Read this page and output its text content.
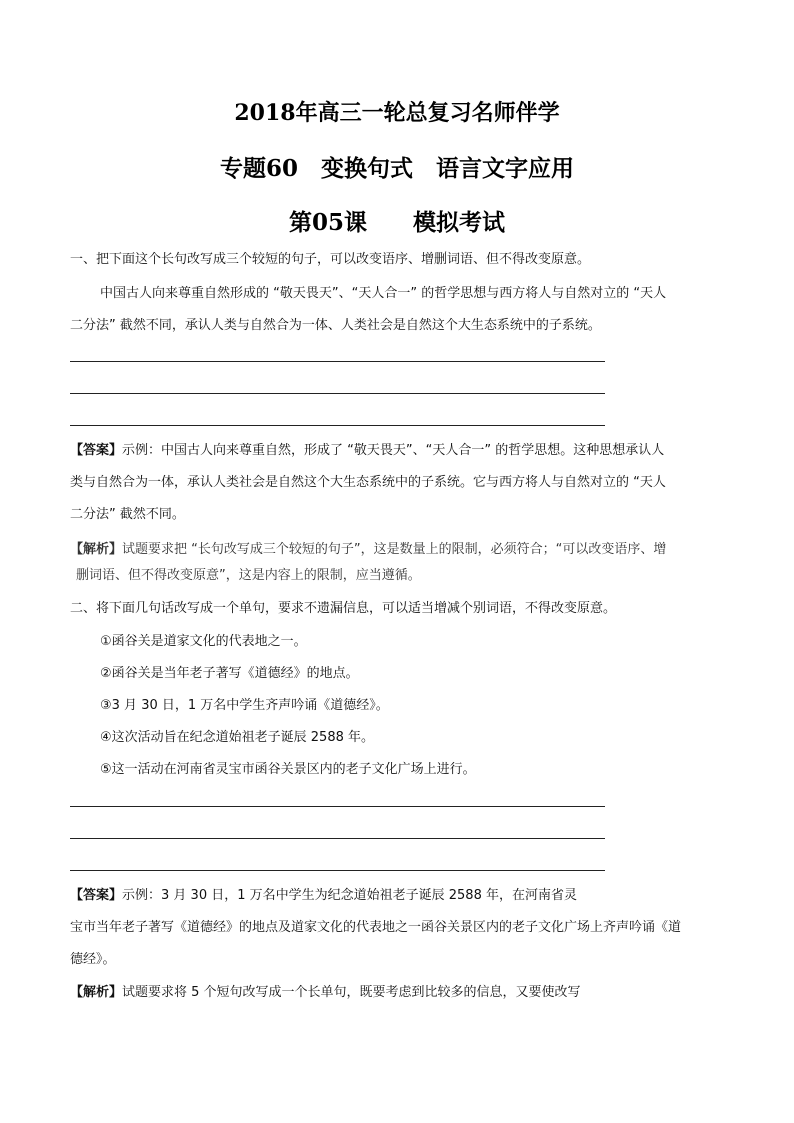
2018年高三一轮总复习名师伴学
专题60　变换句式　语言文字应用
第05课　　模拟考试
一、把下面这个长句改写成三个较短的句子，可以改变语序、增删词语、但不得改变原意。
中国古人向来尊重自然形成的 “敬天畏天”、“天人合一” 的哲学思想与西方将人与自然对立的 “天人
二分法” 截然不同，承认人类与自然合为一体、人类社会是自然这个大生态系统中的子系统。
【答案】示例：中国古人向来尊重自然，形成了 “敬天畏天”、“天人合一” 的哲学思想。这种思想承认人
类与自然合为一体，承认人类社会是自然这个大生态系统中的子系统。它与西方将人与自然对立的 “天人
二分法” 截然不同。
【解析】试题要求把 “长句改写成三个较短的句子”，这是数量上的限制，必须符合；“可以改变语序、增
删词语、但不得改变原意”，这是内容上的限制，应当遵循。
二、将下面几句话改写成一个单句，要求不遗漏信息，可以适当增减个别词语，不得改变原意。
①函谷关是道家文化的代表地之一。
②函谷关是当年老子著写《道德经》的地点。
③3 月 30 日，1 万名中学生齐声吟诵《道德经》。
④这次活动旨在纪念道始祖老子诞辰 2588 年。
⑤这一活动在河南省灵宝市函谷关景区内的老子文化广场上进行。
【答案】示例：3 月 30 日，1 万名中学生为纪念道始祖老子诞辰 2588 年，在河南省灵
宝市当年老子著写《道德经》的地点及道家文化的代表地之一函谷关景区内的老子文化广场上齐声吟诵《道
德经》。
【解析】试题要求将 5 个短句改写成一个长单句，既要考虑到比较多的信息，又要使改写
